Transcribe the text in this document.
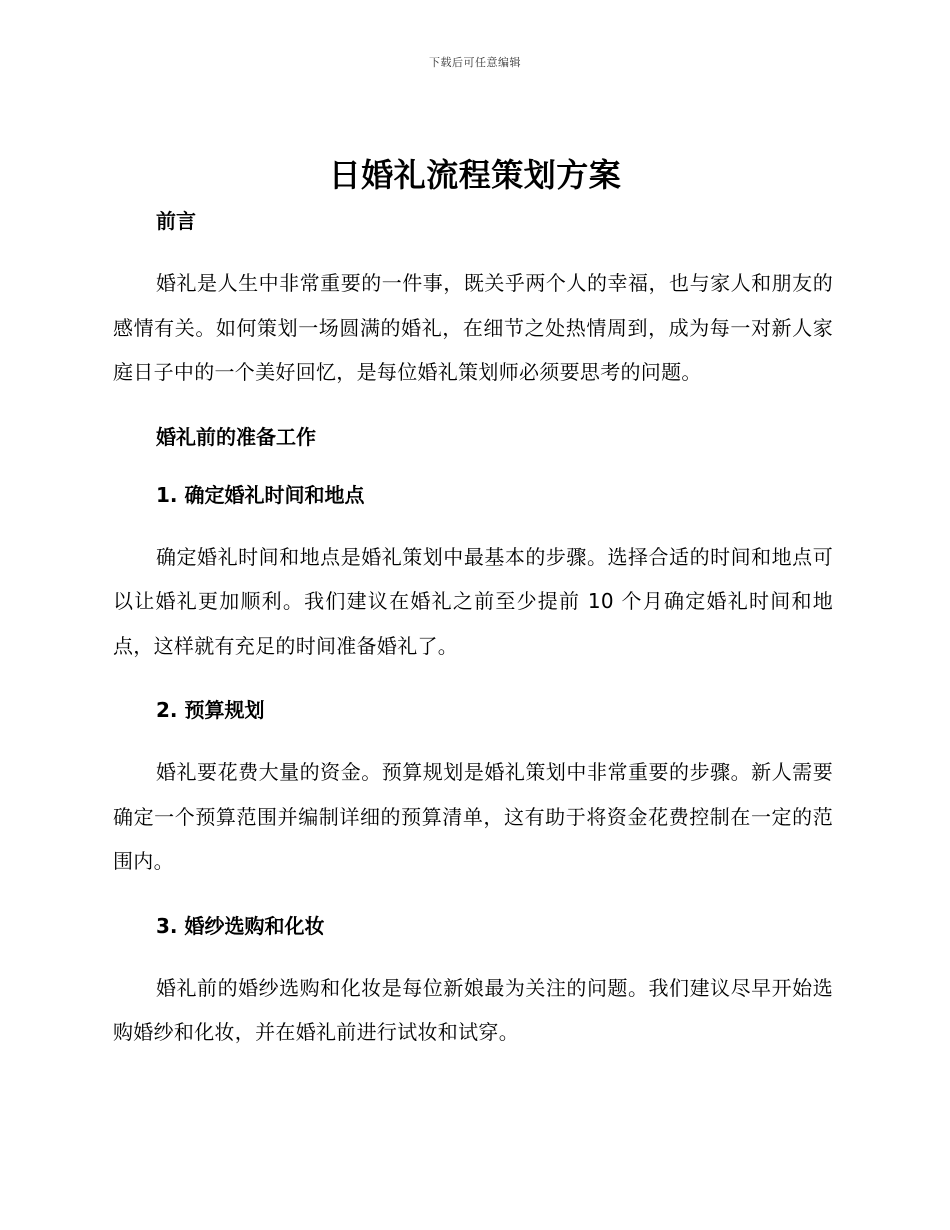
下载后可任意编辑
日婚礼流程策划方案
前言

婚礼是人生中非常重要的一件事，既关乎两个人的幸福，也与家人和朋友的感情有关。如何策划一场圆满的婚礼，在细节之处热情周到，成为每一对新人家庭日子中的一个美好回忆，是每位婚礼策划师必须要思考的问题。

婚礼前的准备工作
1. 确定婚礼时间和地点

确定婚礼时间和地点是婚礼策划中最基本的步骤。选择合适的时间和地点可以让婚礼更加顺利。我们建议在婚礼之前至少提前 10 个月确定婚礼时间和地点，这样就有充足的时间准备婚礼了。

2. 预算规划

婚礼要花费大量的资金。预算规划是婚礼策划中非常重要的步骤。新人需要确定一个预算范围并编制详细的预算清单，这有助于将资金花费控制在一定的范围内。

3. 婚纱选购和化妆

婚礼前的婚纱选购和化妆是每位新娘最为关注的问题。我们建议尽早开始选购婚纱和化妆，并在婚礼前进行试妆和试穿。
